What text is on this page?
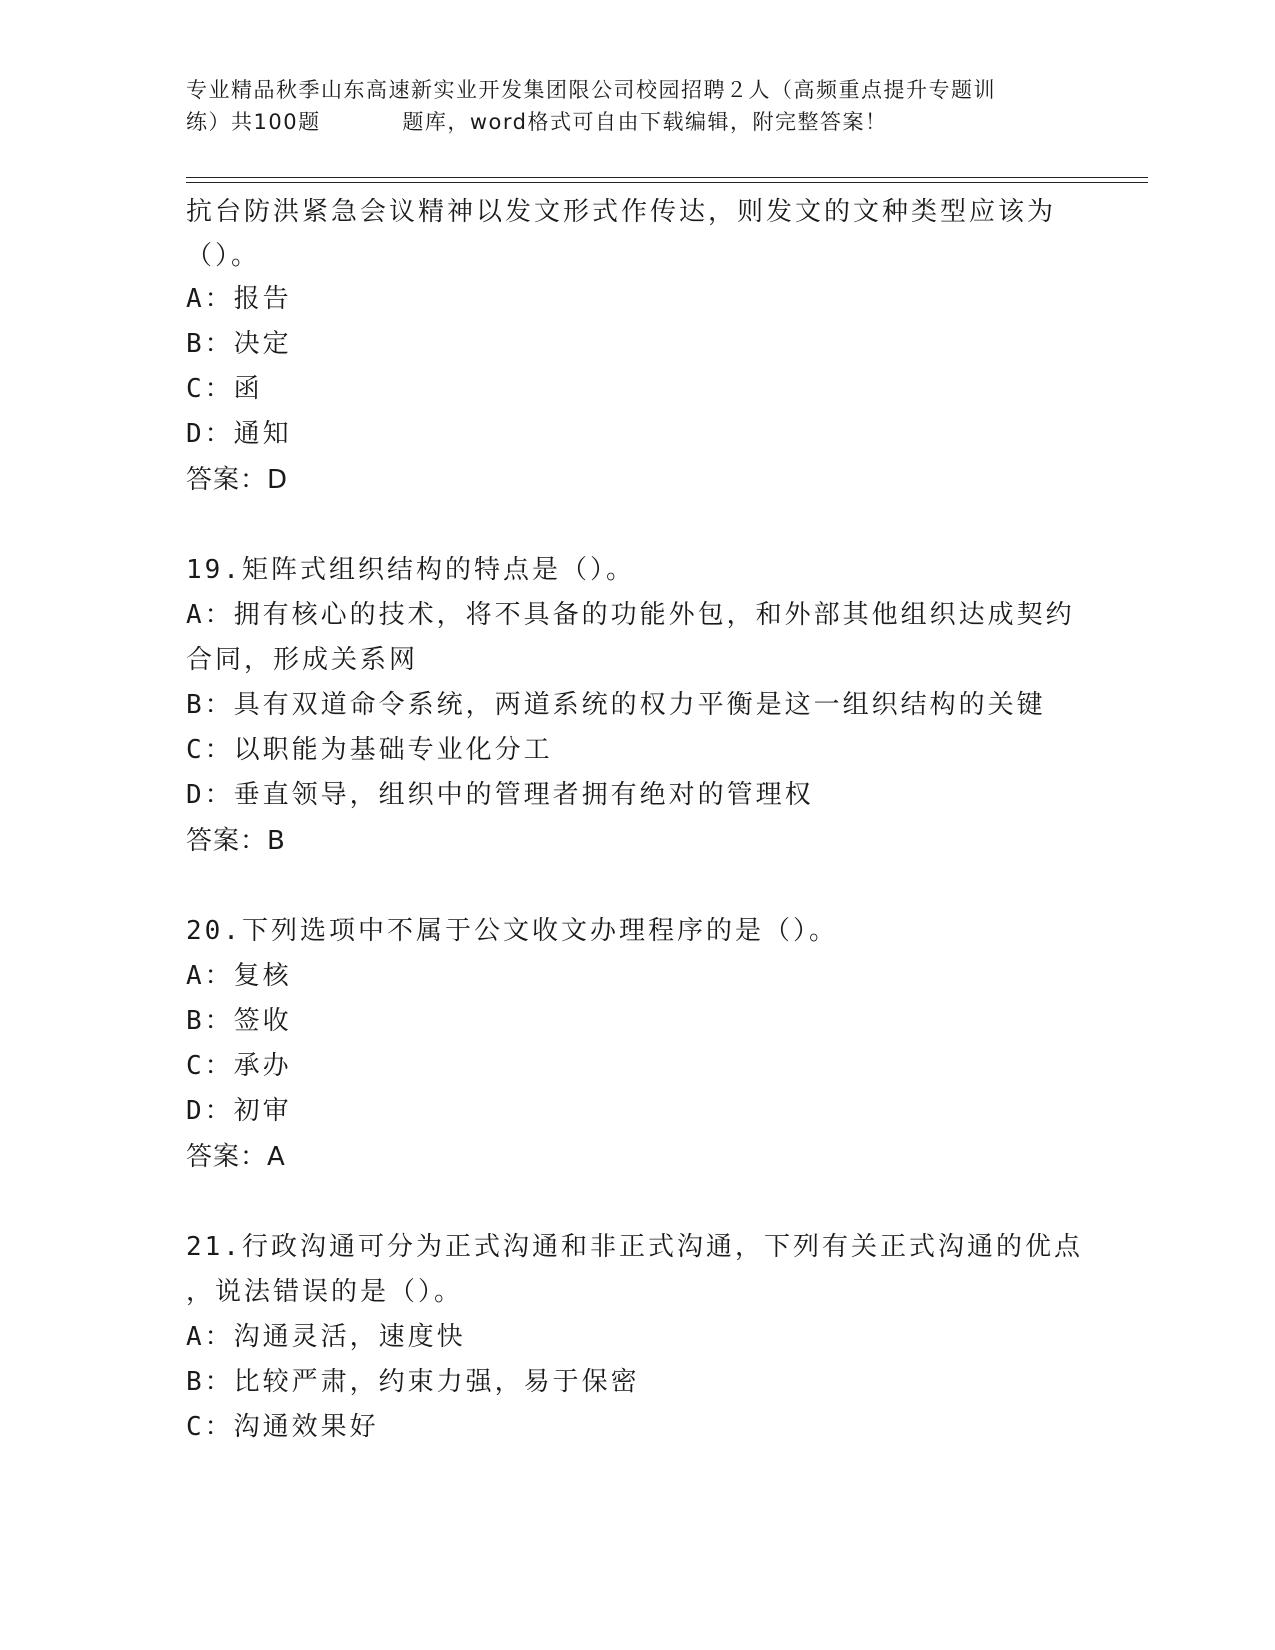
专业精品秋季山东高速新实业开发集团限公司校园招聘２人（高频重点提升专题训
练）共100题          题库，word格式可自由下载编辑，附完整答案！

抗台防洪紧急会议精神以发文形式作传达，则发文的文种类型应该为

（）。

A：报告

B：决定

C：函

D：通知

答案：D

19.矩阵式组织结构的特点是（）。

A：拥有核心的技术，将不具备的功能外包，和外部其他组织达成契约

合同，形成关系网

B：具有双道命令系统，两道系统的权力平衡是这一组织结构的关键

C：以职能为基础专业化分工

D：垂直领导，组织中的管理者拥有绝对的管理权

答案：B

20.下列选项中不属于公文收文办理程序的是（）。

A：复核

B：签收

C：承办

D：初审

答案：A

21.行政沟通可分为正式沟通和非正式沟通，下列有关正式沟通的优点

，说法错误的是（）。

A：沟通灵活，速度快

B：比较严肃，约束力强，易于保密

C：沟通效果好
